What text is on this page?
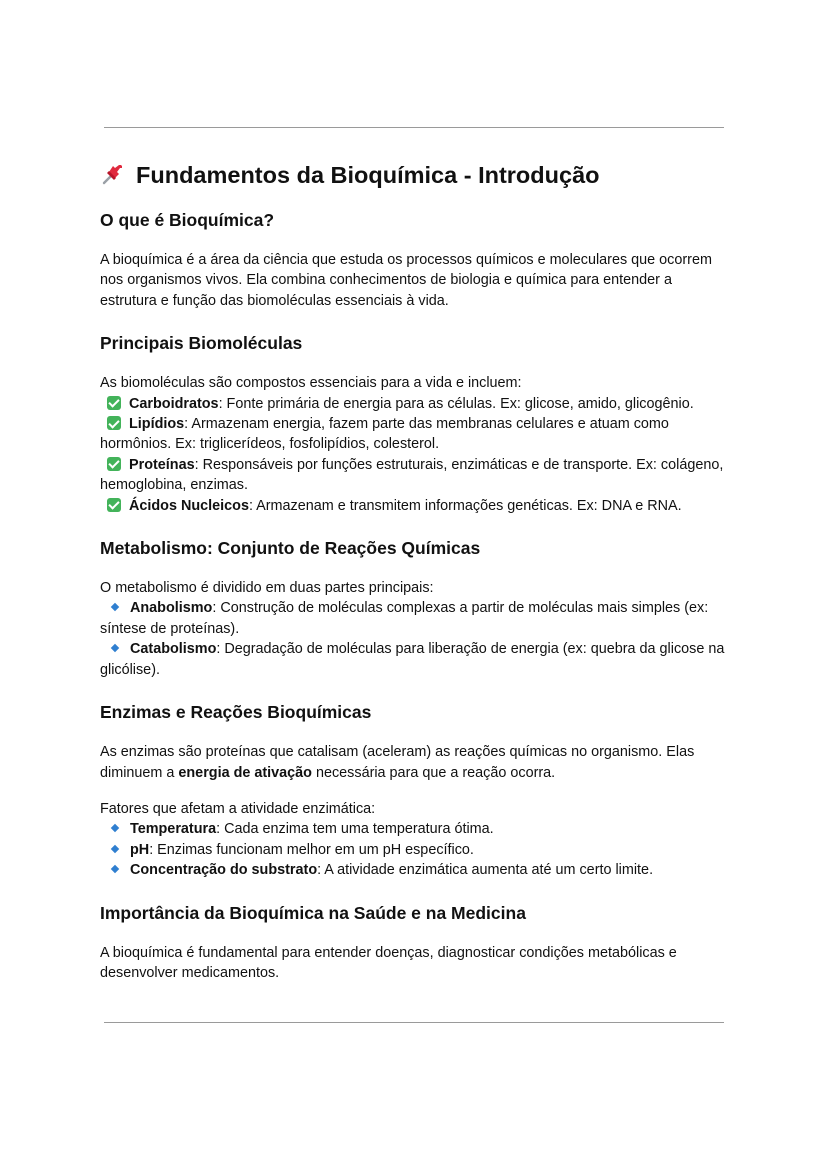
Fundamentos da Bioquímica - Introdução
O que é Bioquímica?

A bioquímica é a área da ciência que estuda os processos químicos e moleculares que ocorrem nos organismos vivos. Ela combina conhecimentos de biologia e química para entender a estrutura e função das biomoléculas essenciais à vida.

Principais Biomoléculas

As biomoléculas são compostos essenciais para a vida e incluem:

Carboidratos: Fonte primária de energia para as células. Ex: glicose, amido, glicogênio.

Lipídios: Armazenam energia, fazem parte das membranas celulares e atuam como hormônios. Ex: triglicerídeos, fosfolipídios, colesterol.

Proteínas: Responsáveis por funções estruturais, enzimáticas e de transporte. Ex: colágeno, hemoglobina, enzimas.

Ácidos Nucleicos: Armazenam e transmitem informações genéticas. Ex: DNA e RNA.

Metabolismo: Conjunto de Reações Químicas

O metabolismo é dividido em duas partes principais:

Anabolismo: Construção de moléculas complexas a partir de moléculas mais simples (ex: síntese de proteínas).

Catabolismo: Degradação de moléculas para liberação de energia (ex: quebra da glicose na glicólise).

Enzimas e Reações Bioquímicas

As enzimas são proteínas que catalisam (aceleram) as reações químicas no organismo. Elas diminuem a energia de ativação necessária para que a reação ocorra.

Fatores que afetam a atividade enzimática:

Temperatura: Cada enzima tem uma temperatura ótima.

pH: Enzimas funcionam melhor em um pH específico.

Concentração do substrato: A atividade enzimática aumenta até um certo limite.

Importância da Bioquímica na Saúde e na Medicina

A bioquímica é fundamental para entender doenças, diagnosticar condições metabólicas e desenvolver medicamentos.
